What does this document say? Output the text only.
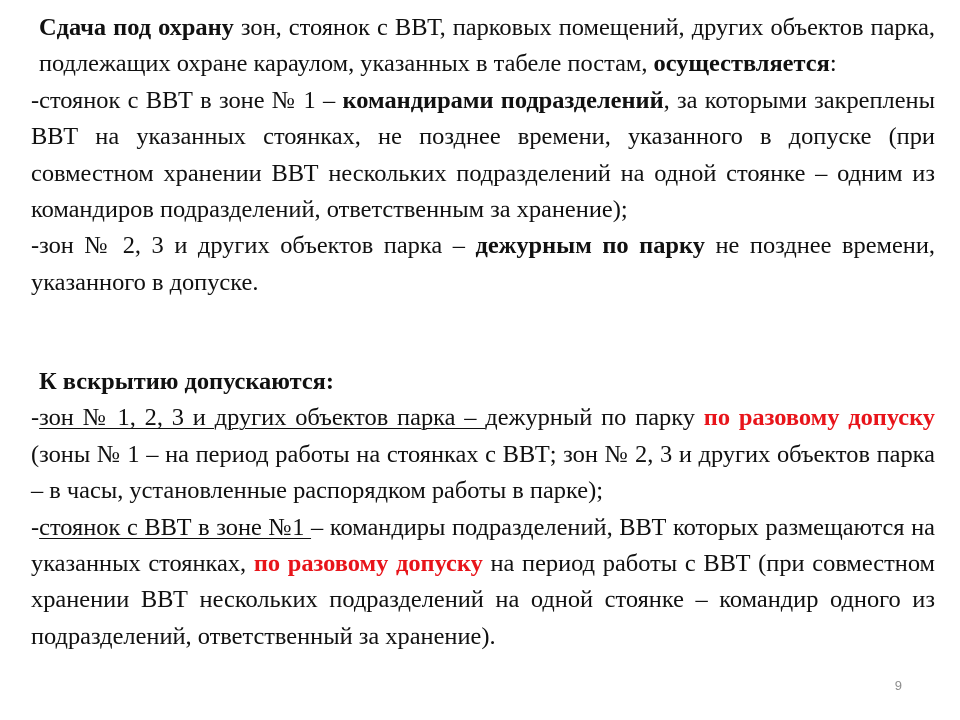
Сдача под охрану зон, стоянок с ВВТ, парковых помещений, других объектов парка, подлежащих охране караулом, указанных в табеле постам, осуществляется:

-стоянок с ВВТ в зоне № 1 – командирами подразделений, за которыми закреплены ВВТ на указанных стоянках, не позднее времени, указанного в допуске (при совместном хранении ВВТ нескольких подразделений на одной стоянке – одним из командиров подразделений, ответственным за хранение);

-зон № 2, 3 и других объектов парка – дежурным по парку не позднее времени, указанного в допуске.

К вскрытию допускаются:

-зон № 1, 2, 3 и других объектов парка – дежурный по парку по разовому допуску (зоны № 1 – на период работы на стоянках с ВВТ; зон № 2, 3 и других объектов парка – в часы, установленные распорядком работы в парке);

-стоянок с ВВТ в зоне №1 – командиры подразделений, ВВТ которых размещаются на указанных стоянках, по разовому допуску на период работы с ВВТ (при совместном хранении ВВТ нескольких подразделений на одной стоянке – командир одного из подразделений, ответственный за хранение).

9
